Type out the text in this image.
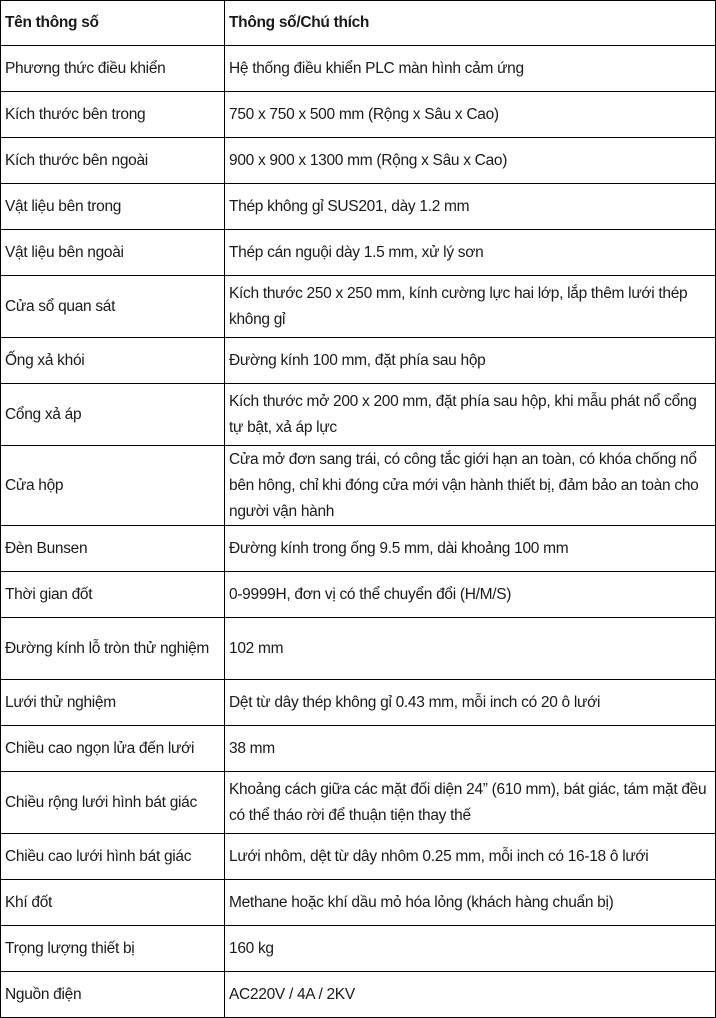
Tên thông số	Thông số/Chú thích
Phương thức điều khiển	Hệ thống điều khiển PLC màn hình cảm ứng
Kích thước bên trong	750 x 750 x 500 mm (Rộng x Sâu x Cao)
Kích thước bên ngoài	900 x 900 x 1300 mm (Rộng x Sâu x Cao)
Vật liệu bên trong	Thép không gỉ SUS201, dày 1.2 mm
Vật liệu bên ngoài	Thép cán nguội dày 1.5 mm, xử lý sơn
Cửa sổ quan sát	Kích thước 250 x 250 mm, kính cường lực hai lớp, lắp thêm lưới thép không gỉ
Ống xả khói	Đường kính 100 mm, đặt phía sau hộp
Cổng xả áp	Kích thước mở 200 x 200 mm, đặt phía sau hộp, khi mẫu phát nổ cổng tự bật, xả áp lực
Cửa hộp	Cửa mở đơn sang trái, có công tắc giới hạn an toàn, có khóa chống nổ bên hông, chỉ khi đóng cửa mới vận hành thiết bị, đảm bảo an toàn cho người vận hành
Đèn Bunsen	Đường kính trong ống 9.5 mm, dài khoảng 100 mm
Thời gian đốt	0-9999H, đơn vị có thể chuyển đổi (H/M/S)
Đường kính lỗ tròn thử nghiệm	102 mm
Lưới thử nghiệm	Dệt từ dây thép không gỉ 0.43 mm, mỗi inch có 20 ô lưới
Chiều cao ngọn lửa đến lưới	38 mm
Chiều rộng lưới hình bát giác	Khoảng cách giữa các mặt đối diện 24” (610 mm), bát giác, tám mặt đều có thể tháo rời để thuận tiện thay thế
Chiều cao lưới hình bát giác	Lưới nhôm, dệt từ dây nhôm 0.25 mm, mỗi inch có 16-18 ô lưới
Khí đốt	Methane hoặc khí dầu mỏ hóa lỏng (khách hàng chuẩn bị)
Trọng lượng thiết bị	160 kg
Nguồn điện	AC220V / 4A / 2KV
